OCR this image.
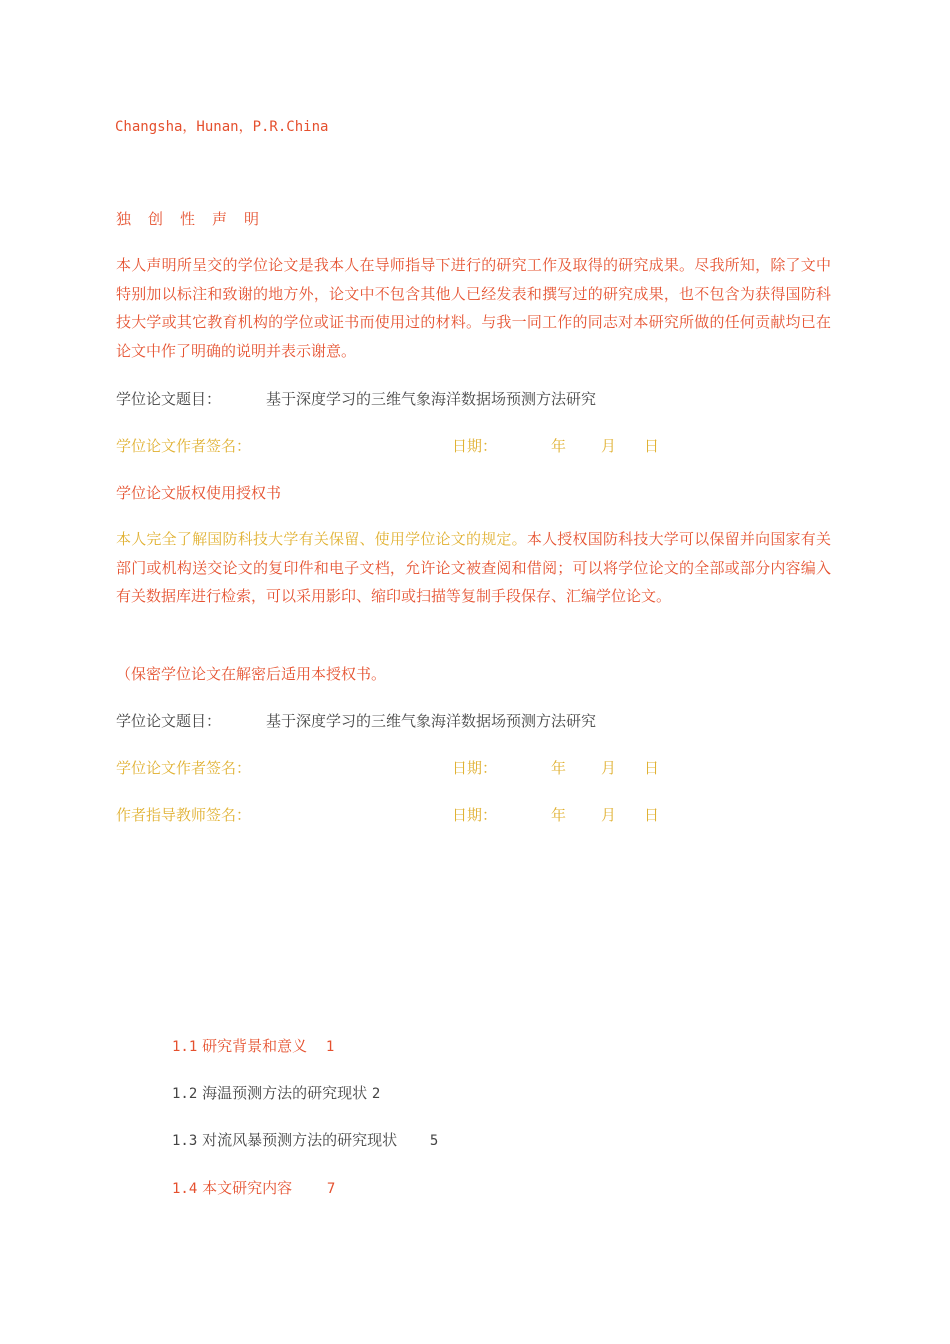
Changsha，Hunan，P.R.China
独创性声明
本人声明所呈交的学位论文是我本人在导师指导下进行的研究工作及取得的研究成果。尽我所知，除了文中特别加以标注和致谢的地方外，论文中不包含其他人已经发表和撰写过的研究成果，也不包含为获得国防科技大学或其它教育机构的学位或证书而使用过的材料。与我一同工作的同志对本研究所做的任何贡献均已在论文中作了明确的说明并表示谢意。
学位论文题目：	基于深度学习的三维气象海洋数据场预测方法研究
学位论文作者签名：	日期：	年 月 日
学位论文版权使用授权书
本人完全了解国防科技大学有关保留、使用学位论文的规定。本人授权国防科技大学可以保留并向国家有关部门或机构送交论文的复印件和电子文档，允许论文被查阅和借阅；可以将学位论文的全部或部分内容编入有关数据库进行检索，可以采用影印、缩印或扫描等复制手段保存、汇编学位论文。
（保密学位论文在解密后适用本授权书。
学位论文题目：	基于深度学习的三维气象海洋数据场预测方法研究
学位论文作者签名：	日期：	年 月 日
作者指导教师签名：	日期：	年 月 日
1.1 研究背景和意义 1
1.2 海温预测方法的研究现状 2
1.3 对流风暴预测方法的研究现状 5
1.4 本文研究内容 7
